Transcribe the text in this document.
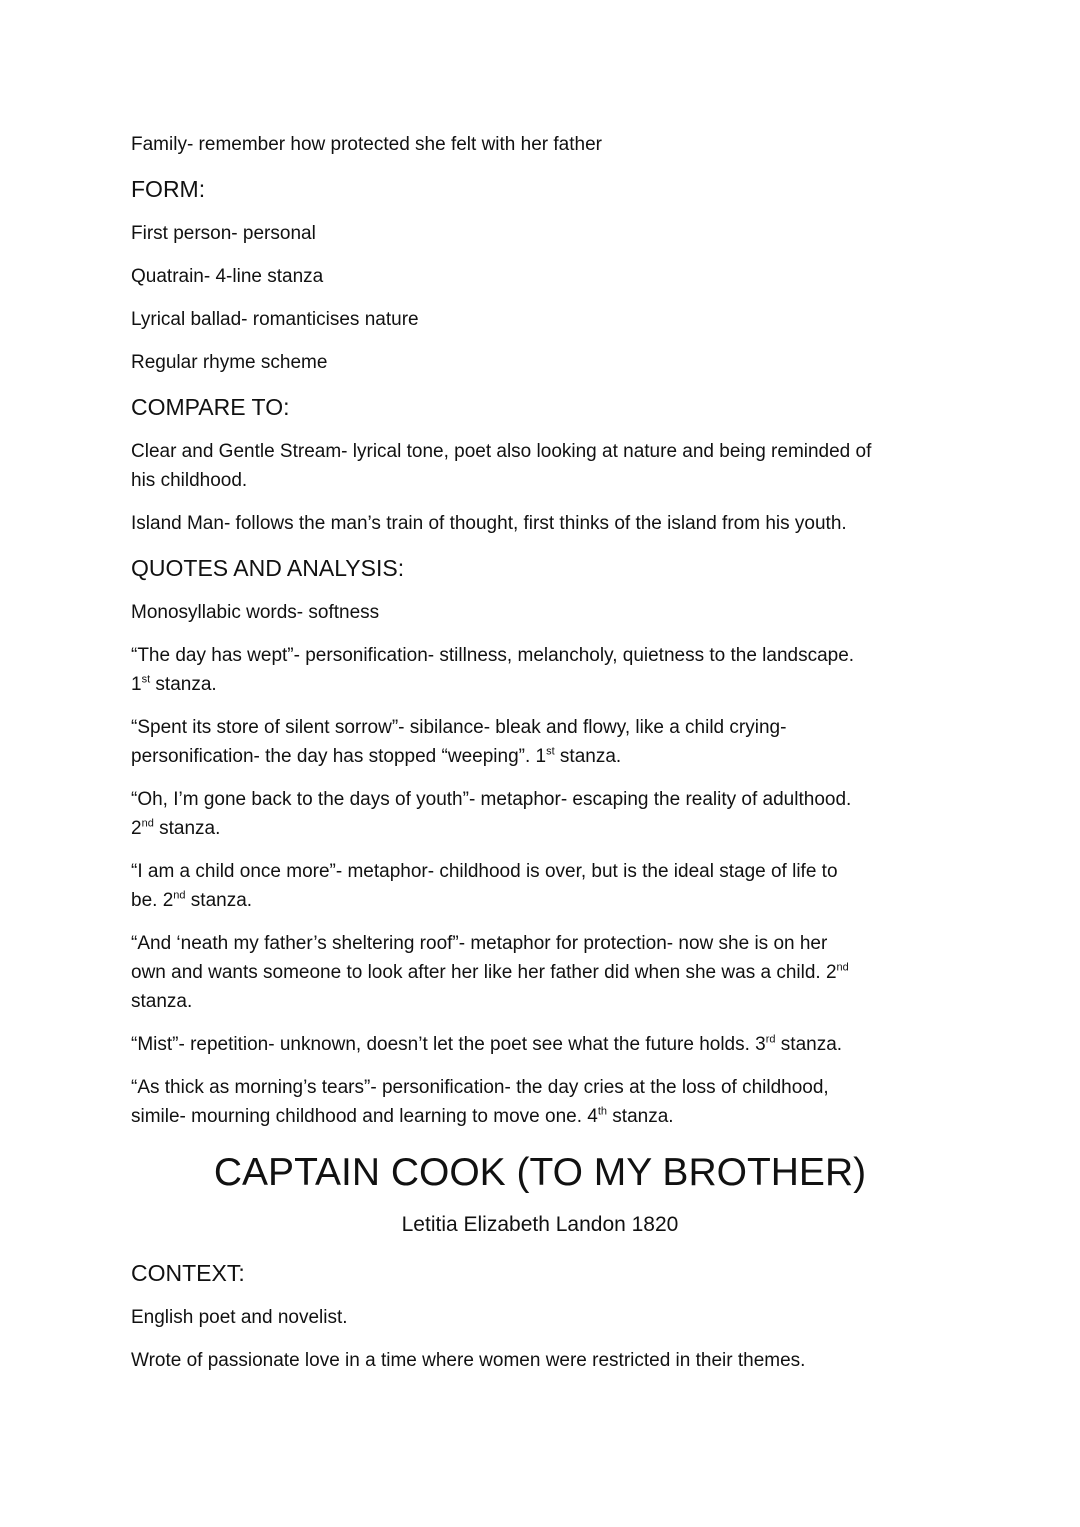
Family- remember how protected she felt with her father

FORM:

First person- personal

Quatrain- 4-line stanza

Lyrical ballad- romanticises nature

Regular rhyme scheme

COMPARE TO:

Clear and Gentle Stream- lyrical tone, poet also looking at nature and being reminded of

his childhood.

Island Man- follows the man’s train of thought, first thinks of the island from his youth.

QUOTES AND ANALYSIS:

Monosyllabic words- softness

“The day has wept”- personification- stillness, melancholy, quietness to the landscape.

1st stanza.

“Spent its store of silent sorrow”- sibilance- bleak and flowy, like a child crying-

personification- the day has stopped “weeping”. 1st stanza.

“Oh, I’m gone back to the days of youth”- metaphor- escaping the reality of adulthood.

2nd stanza.

“I am a child once more”- metaphor- childhood is over, but is the ideal stage of life to

be. 2nd stanza.

“And ‘neath my father’s sheltering roof”- metaphor for protection- now she is on her

own and wants someone to look after her like her father did when she was a child. 2nd

stanza.

“Mist”- repetition- unknown, doesn’t let the poet see what the future holds. 3rd stanza.

“As thick as morning’s tears”- personification- the day cries at the loss of childhood,

simile- mourning childhood and learning to move one. 4th stanza.

CAPTAIN COOK (TO MY BROTHER)

Letitia Elizabeth Landon 1820

CONTEXT:

English poet and novelist.

Wrote of passionate love in a time where women were restricted in their themes.
